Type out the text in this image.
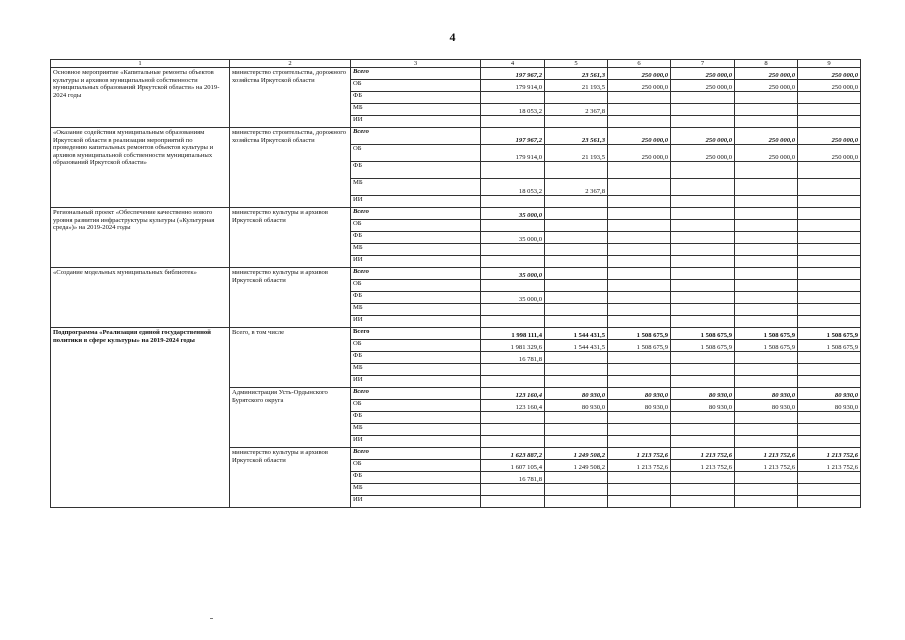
4
1	2	3	4	5	6	7	8	9
Основное мероприятие «Капитальные ремонты объектов культуры и архивов муниципальной собственности муниципальных образований Иркутской области» на 2019-2024 годы	министерство строительства, дорожного хозяйства Иркутской области	Всего	197 967,2	23 561,3	250 000,0	250 000,0	250 000,0	250 000,0
		ОБ	179 914,0	21 193,5	250 000,0	250 000,0	250 000,0	250 000,0
		ФБ						
		МБ	18 053,2	2 367,8				
		ИИ						
«Оказание содействия муниципальным образованиям Иркутской области в реализации мероприятий по проведению капитальных ремонтов объектов культуры и архивов муниципальной собственности муниципальных образований Иркутской области»	министерство строительства, дорожного хозяйства Иркутской области	Всего	197 967,2	23 561,3	250 000,0	250 000,0	250 000,0	250 000,0
		ОБ	179 914,0	21 193,5	250 000,0	250 000,0	250 000,0	250 000,0
		ФБ						
		МБ	18 053,2	2 367,8				
		ИИ						
Региональный проект «Обеспечение качественно нового уровня развития инфраструктуры культуры («Культурная среда»)» на 2019-2024 годы	министерство культуры и архивов Иркутской области	Всего	35 000,0					
		ОБ						
		ФБ	35 000,0					
		МБ						
		ИИ						
«Создание модельных муниципальных библиотек»	министерство культуры и архивов Иркутской области	Всего	35 000,0					
		ОБ						
		ФБ	35 000,0					
		МБ						
		ИИ						
Подпрограмма «Реализация единой государственной политики в сфере культуры» на 2019-2024 годы	Всего, в том числе	Всего	1 998 111,4	1 544 431,5	1 508 675,9	1 508 675,9	1 508 675,9	1 508 675,9
		ОБ	1 981 329,6	1 544 431,5	1 508 675,9	1 508 675,9	1 508 675,9	1 508 675,9
		ФБ	16 781,8					
		МБ						
		ИИ						
	Администрация Усть-Ордынского Бурятского округа	Всего	123 160,4	80 930,0	80 930,0	80 930,0	80 930,0	80 930,0
		ОБ	123 160,4	80 930,0	80 930,0	80 930,0	80 930,0	80 930,0
		ФБ						
		МБ						
		ИИ						
	министерство культуры и архивов Иркутской области	Всего	1 623 887,2	1 249 508,2	1 213 752,6	1 213 752,6	1 213 752,6	1 213 752,6
		ОБ	1 607 105,4	1 249 508,2	1 213 752,6	1 213 752,6	1 213 752,6	1 213 752,6
		ФБ	16 781,8					
		МБ						
		ИИ						
